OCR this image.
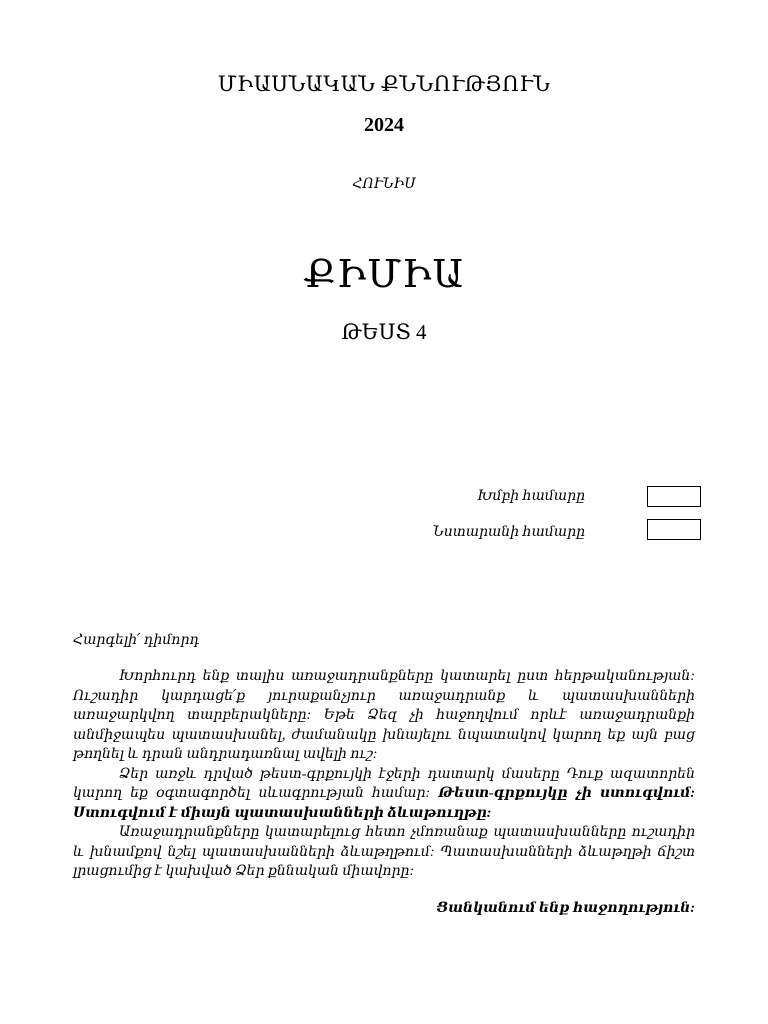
ՄԻԱՍՆԱԿԱՆ ՔՆՆՈՒԹՅՈՒՆ
2024
ՀՈՒՆԻՍ
ՔԻՄԻԱ
ԹԵՍՏ 4
Խմբի համարը
Նստարանի համարը
Հարգելի՛ դիմորդ

Խորհուրդ ենք տալիս առաջադրանքները կատարել ըստ հերթականության: Ուշադիր կարդացե՛ք յուրաքանչյուր առաջադրանք և պատասխանների առաջարկվող տարբերակները: Եթե Ձեզ չի հաջողվում որևէ առաջադրանքի անմիջապես պատասխանել, ժամանակը խնայելու նպատակով կարող եք այն բաց թողնել և դրան անդրադառնալ ավելի ուշ:

Ձեր առջև դրված թեստ-գրքույկի էջերի դատարկ մասերը Դուք ազատորեն կարող եք օգտագործել սևագրության համար: Թեստ-գրքույկը չի ստուգվում: Ստուգվում է միայն պատասխանների ձևաթուղթը:

Առաջադրանքները կատարելուց հետո չմոռանաք պատասխանները ուշադիր և խնամքով նշել պատասխանների ձևաթղթում: Պատասխանների ձևաթղթի ճիշտ լրացումից է կախված Ձեր քննական միավորը:

Ցանկանում ենք հաջողություն:
